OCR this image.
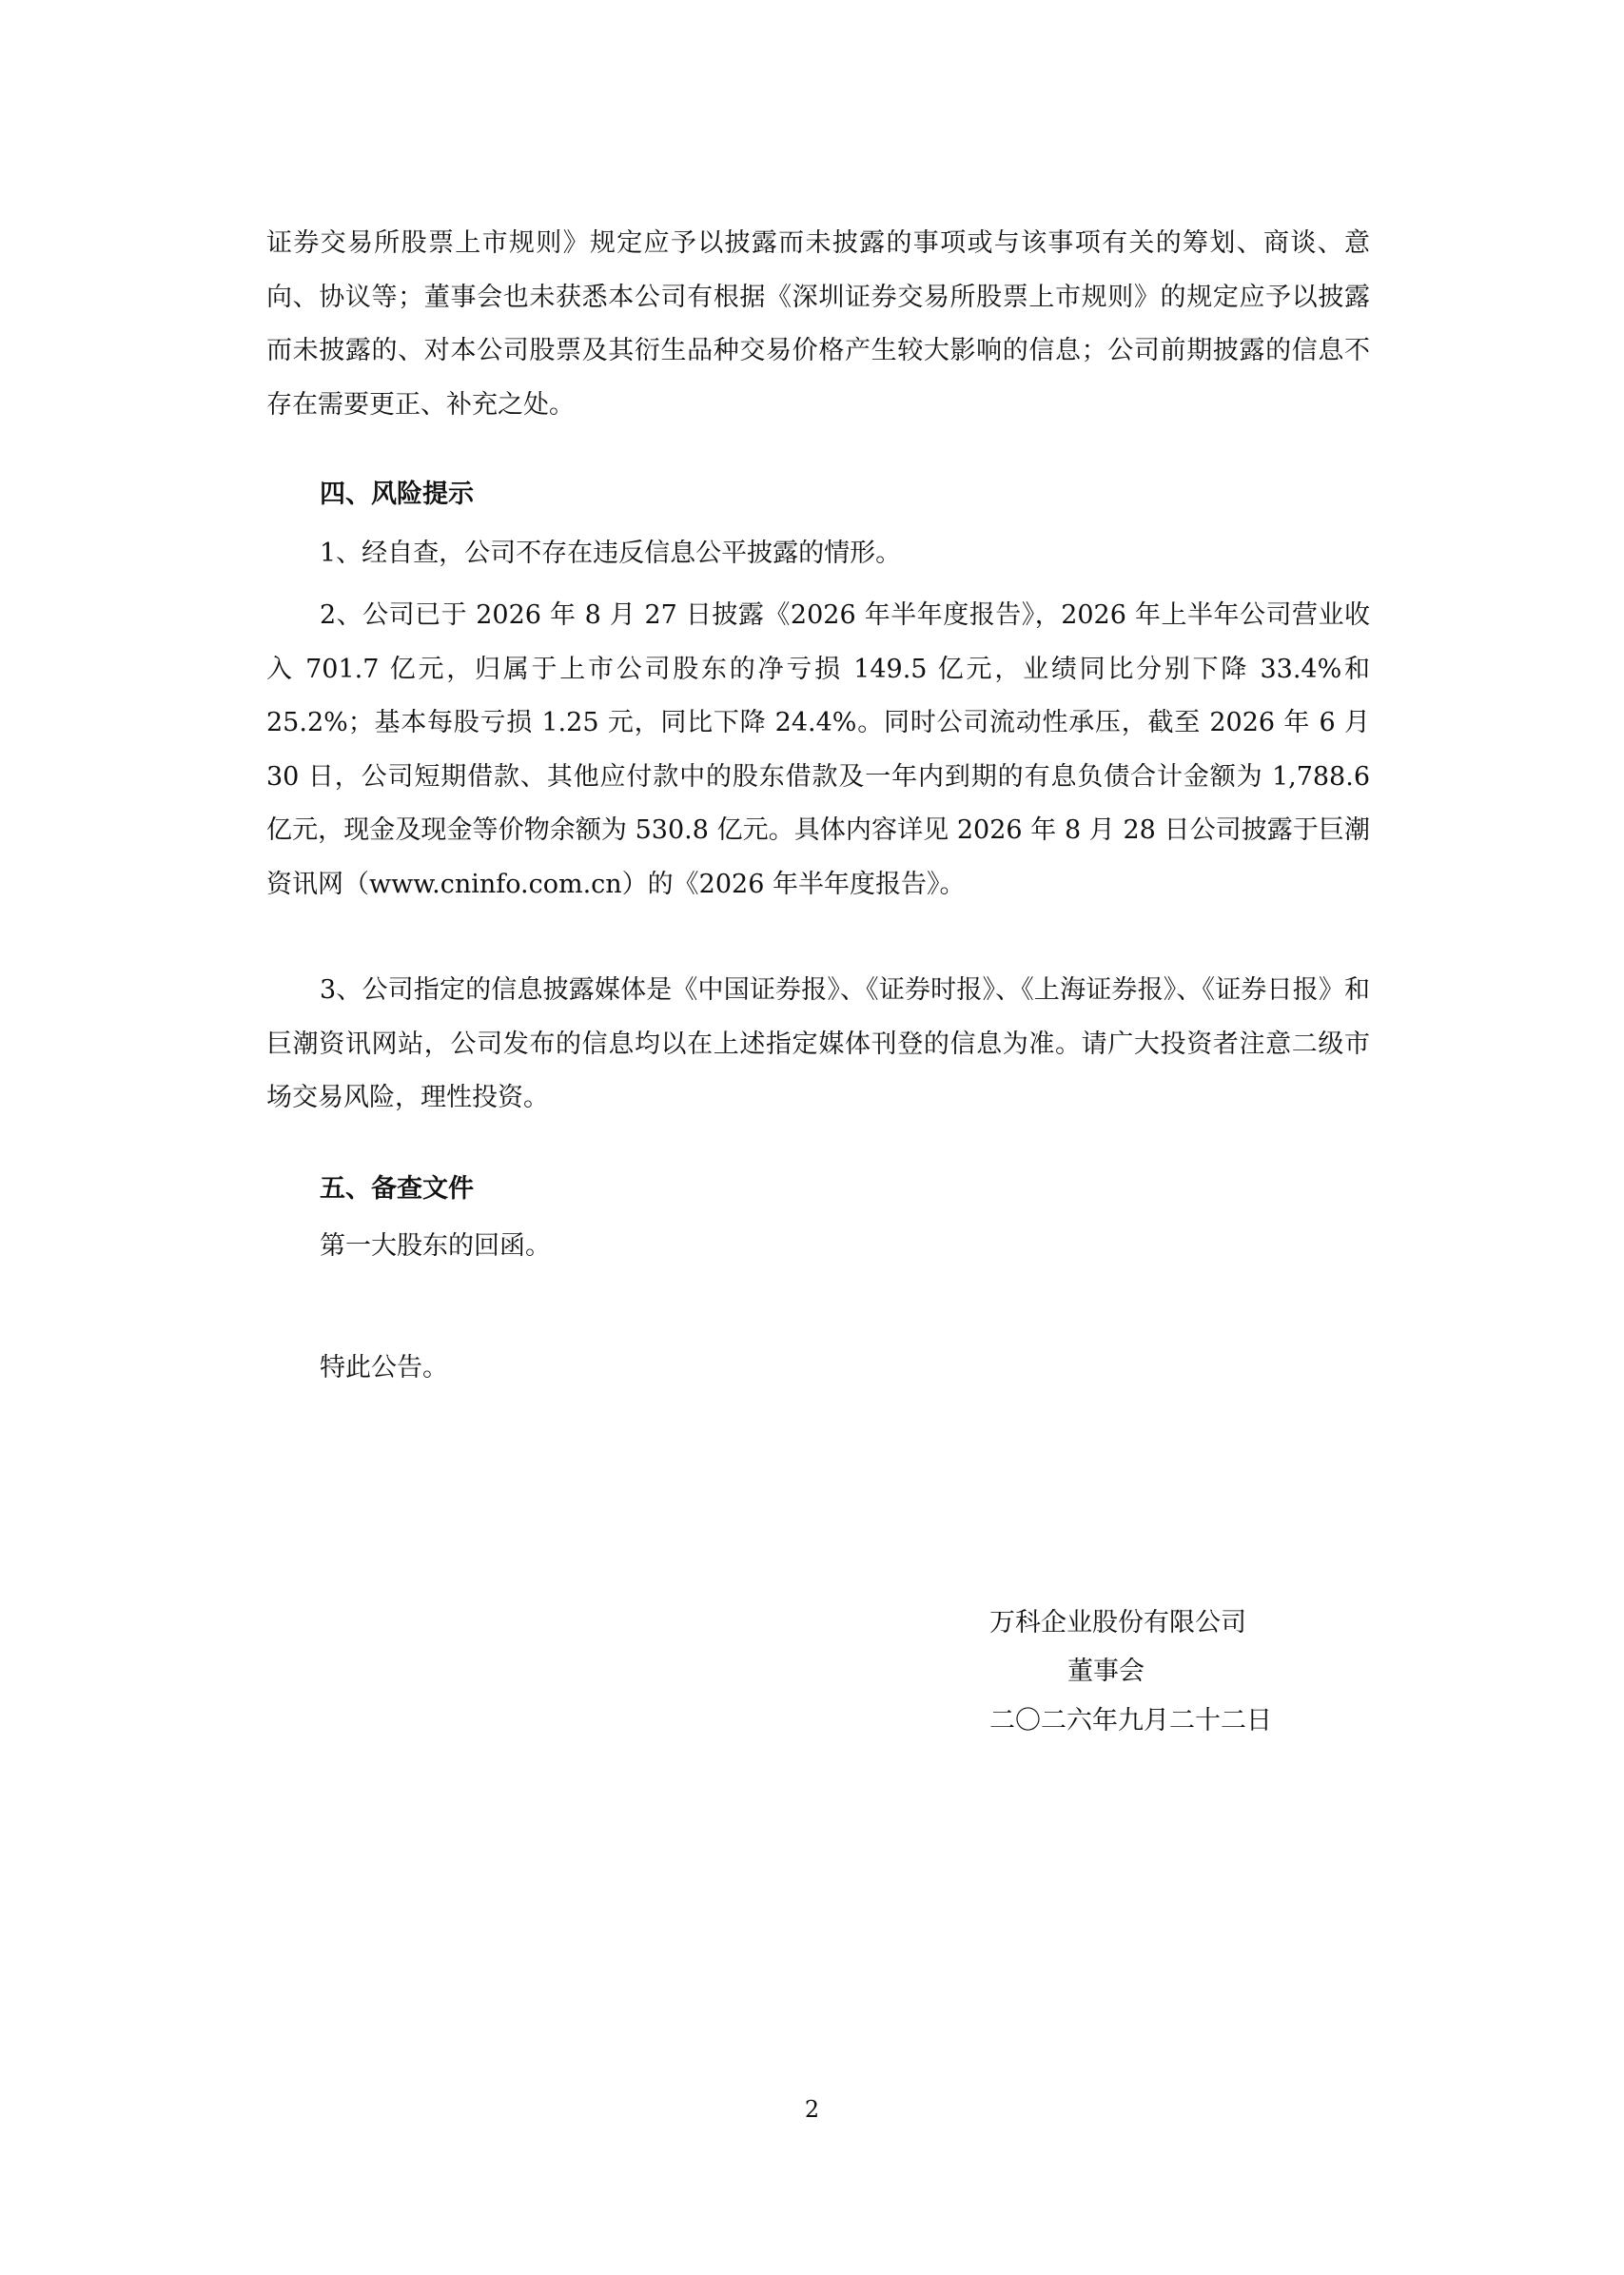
证券交易所股票上市规则》规定应予以披露而未披露的事项或与该事项有关的筹划、商谈、意向、协议等；董事会也未获悉本公司有根据《深圳证券交易所股票上市规则》的规定应予以披露而未披露的、对本公司股票及其衍生品种交易价格产生较大影响的信息；公司前期披露的信息不存在需要更正、补充之处。

四、风险提示

1、经自查，公司不存在违反信息公平披露的情形。

2、公司已于 2026 年 8 月 27 日披露《2026 年半年度报告》，2026 年上半年公司营业收入 701.7 亿元，归属于上市公司股东的净亏损 149.5 亿元，业绩同比分别下降 33.4%和 25.2%；基本每股亏损 1.25 元，同比下降 24.4%。同时公司流动性承压，截至 2026 年 6 月 30 日，公司短期借款、其他应付款中的股东借款及一年内到期的有息负债合计金额为 1,788.6 亿元，现金及现金等价物余额为 530.8 亿元。具体内容详见 2026 年 8 月 28 日公司披露于巨潮资讯网（www.cninfo.com.cn）的《2026 年半年度报告》。

3、公司指定的信息披露媒体是《中国证券报》、《证券时报》、《上海证券报》、《证券日报》和巨潮资讯网站，公司发布的信息均以在上述指定媒体刊登的信息为准。请广大投资者注意二级市场交易风险，理性投资。

五、备查文件

第一大股东的回函。

特此公告。

万科企业股份有限公司

董事会

二〇二六年九月二十二日

2
